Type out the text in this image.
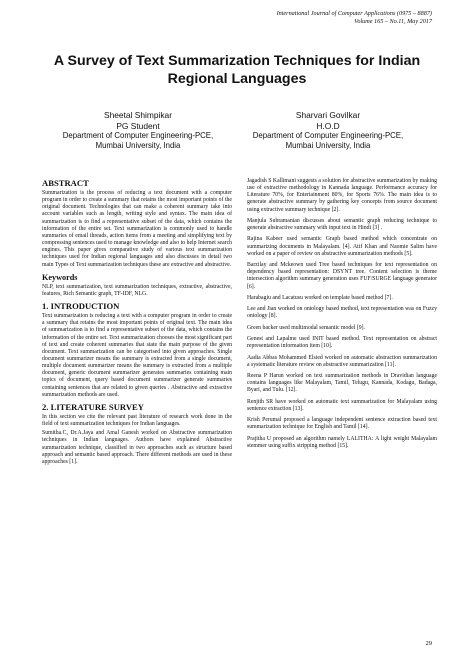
International Journal of Computer Applications (0975 – 8887)
Volume 165 – No.11, May 2017
A Survey of Text Summarization Techniques for Indian Regional Languages
Sheetal Shimpikar
PG Student
Department of Computer Engineering-PCE,
Mumbai University, India
Sharvari Govilkar
H.O.D
Department of Computer Engineering-PCE,
Mumbai University, India
ABSTRACT

Summarization is the process of reducing a text document with a computer program in order to create a summary that retains the most important points of the original document. Technologies that can make a coherent summary take into account variables such as length, writing style and syntax. The main idea of summarization is to find a representative subset of the data, which contains the information of the entire set. Text summarization is commonly used to handle summaries of email threads, action items from a meeting and simplifying text by compressing sentences used to manage knowledge and also to help Internet search engines. This paper gives comparative study of various text summarization techniques used for Indian regional languages and also discusses in detail two main Types of Text summarization techniques these are extractive and abstractive.

Keywords

NLP, text summarization, text summarization techniques, extractive, abstractive, features, Rich Semantic graph, TF-IDF, NLG.

1. INTRODUCTION

Text summarization is reducing a text with a computer program in order to create a summary that retains the most important points of original text. The main idea of summarization is to find a representative subset of the data, which contains the information of the entire set. Text summarization chooses the most significant part of text and create coherent summaries that state the main purpose of the given document. Text summarization can be categorised into given approaches. Single document summarizer means the summary is extracted from a single document, multiple document summarizer means the summary is extracted from a multiple document, generic document summarizer generates summaries containing main topics of document, query based document summarizer generate summaries containing sentences that are related to given queries . Abstractive and extractive summarization methods are used.

2. LITERATURE SURVEY

In this section we cite the relevant past literature of research work done in the field of text summarization techniques for Indian languages.

Sumitha.C, Dr.A.Jaya and Amal Ganesh worked on Abstractive summarization techniques in Indian languages. Authors have explained Abstractive summarization technique, classified in two approaches such as structure based approach and semantic based approach. There different methods are used in these approaches [1].

Jagadish S Kallimani suggests a solution for abstractive summarization by making use of extractive methodology in Kannada language. Performance accuracy for Literature 70%, for Entertainment 80%, for Sports 76%. The main idea is to generate abstractive summary by gathering key concepts from source document using extractive summary technique [2].

Manjula Subramanian discusses about semantic graph reducing technique to generate abstractive summary with input text in Hindi [3] .

Rajina Kabeer used semantic Graph based method which concentrate on summarizing documents in Malayalam. [4]. Atif Khan and Naomie Salim have worked on a paper of review on abstractive summarization methods [5].

Barzilay and Mckeown used Tree based techniques for text representation on dependency based representation: DSYNT tree. Content selection is theme intersection algorithm summary generation uses FUF/SURGE language generator [6].

Harabagiu and Lacatusu worked on template based method [7].

Lee and Jian worked on ontology based method, text representation was on Fuzzy ontology [8].

Green backer used multimodal semantic model [9].

Genest and Lapalme used INIT based method. Text representation on abstract representation information item [10].

Aadia Abbas Mohammed Elsied worked on automatic abstraction summarization a systematic literature review on abstractive summarization [11].

Reena P Harun worked on text summarization methods in Dravidian language contains languages like Malayalam, Tamil, Telugu, Kannada, Kodagu, Badaga, Byari, and Tulu. [12].

Renjith SR have worked on automatic text summarization for Malayalam using sentence extraction [13].

Krish Perumal proposed a language independent sentence extraction based text summarization technique for English and Tamil [14].

Prajitha U proposed an algorithm namely LALITHA: A light weight Malayalam stemmer using suffix stripping method [15].

29
